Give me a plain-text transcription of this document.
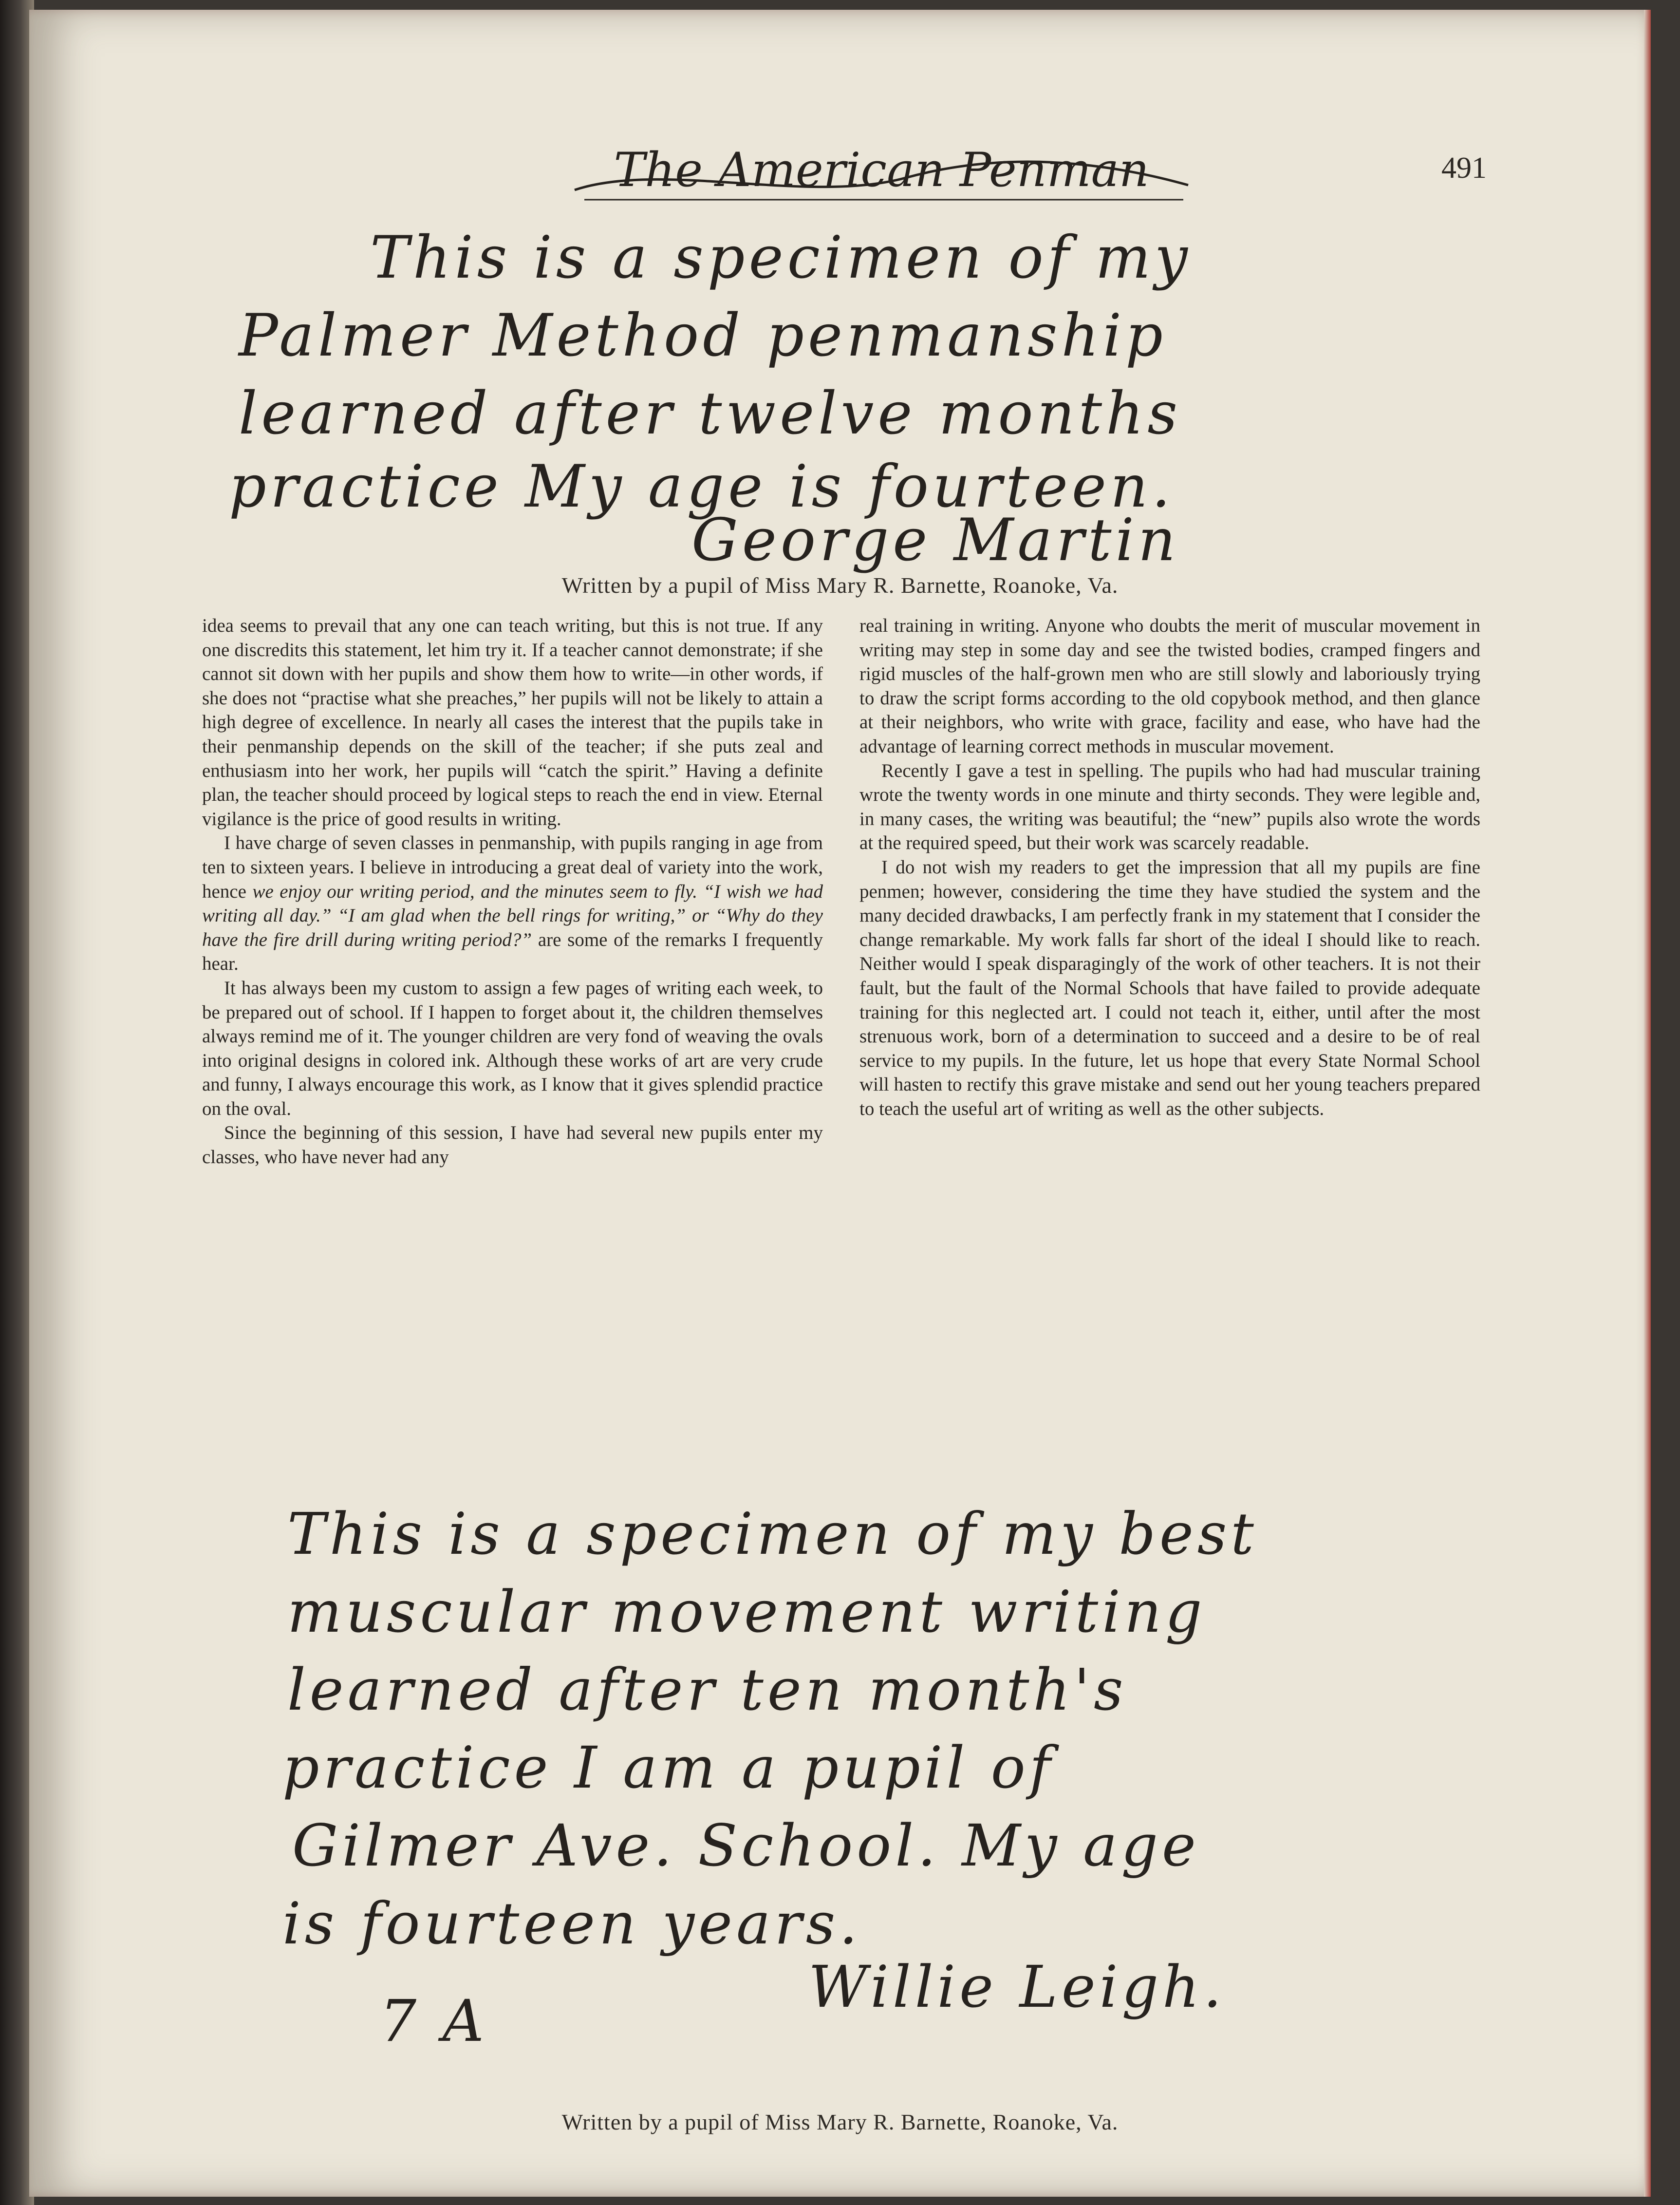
The American Penman	491
This is a specimen of my
Palmer Method penmanship
learned after twelve months
practice My age is fourteen.
George Martin
Written by a pupil of Miss Mary R. Barnette, Roanoke, Va.

idea seems to prevail that any one can teach writing, but this is not true. If any one discredits this statement, let him try it. If a teacher cannot demonstrate; if she cannot sit down with her pupils and show them how to write—in other words, if she does not “practise what she preaches,” her pupils will not be likely to attain a high degree of excellence. In nearly all cases the interest that the pupils take in their penmanship depends on the skill of the teacher; if she puts zeal and enthusiasm into her work, her pupils will “catch the spirit.” Having a definite plan, the teacher should proceed by logical steps to reach the end in view. Eternal vigilance is the price of good results in writing.

I have charge of seven classes in penmanship, with pupils ranging in age from ten to sixteen years. I believe in introducing a great deal of variety into the work, hence we enjoy our writing period, and the minutes seem to fly. “I wish we had writing all day.” “I am glad when the bell rings for writing,” or “Why do they have the fire drill during writing period?” are some of the remarks I frequently hear.

It has always been my custom to assign a few pages of writing each week, to be prepared out of school. If I happen to forget about it, the children themselves always remind me of it. The younger children are very fond of weaving the ovals into original designs in colored ink. Although these works of art are very crude and funny, I always encourage this work, as I know that it gives splendid practice on the oval.

Since the beginning of this session, I have had several new pupils enter my classes, who have never had any

real training in writing. Anyone who doubts the merit of muscular movement in writing may step in some day and see the twisted bodies, cramped fingers and rigid muscles of the half-grown men who are still slowly and laboriously trying to draw the script forms according to the old copybook method, and then glance at their neighbors, who write with grace, facility and ease, who have had the advantage of learning correct methods in muscular movement.

Recently I gave a test in spelling. The pupils who had had muscular training wrote the twenty words in one minute and thirty seconds. They were legible and, in many cases, the writing was beautiful; the “new” pupils also wrote the words at the required speed, but their work was scarcely readable.

I do not wish my readers to get the impression that all my pupils are fine penmen; however, considering the time they have studied the system and the many decided drawbacks, I am perfectly frank in my statement that I consider the change remarkable. My work falls far short of the ideal I should like to reach. Neither would I speak disparagingly of the work of other teachers. It is not their fault, but the fault of the Normal Schools that have failed to provide adequate training for this neglected art. I could not teach it, either, until after the most strenuous work, born of a determination to succeed and a desire to be of real service to my pupils. In the future, let us hope that every State Normal School will hasten to rectify this grave mistake and send out her young teachers prepared to teach the useful art of writing as well as the other subjects.

This is a specimen of my best
muscular movement writing
learned after ten month's
practice I am a pupil of
Gilmer Ave. School. My age
is fourteen years.
Willie Leigh.
7 A
Written by a pupil of Miss Mary R. Barnette, Roanoke, Va.
